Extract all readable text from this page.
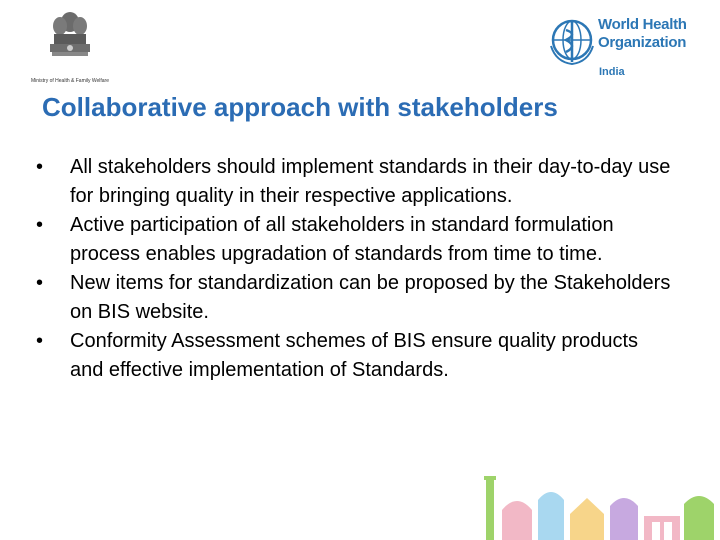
Ministry of Health & Family Welfare
World Health
Organization
India
Collaborative approach with stakeholders
• All stakeholders should implement standards in their day-to-day use for bringing quality in their respective applications.
• Active participation of all stakeholders in standard formulation process enables upgradation of standards from time to time.
• New items for standardization can be proposed by the Stakeholders on BIS website.
• Conformity Assessment schemes of BIS ensure quality products and effective implementation of Standards.
